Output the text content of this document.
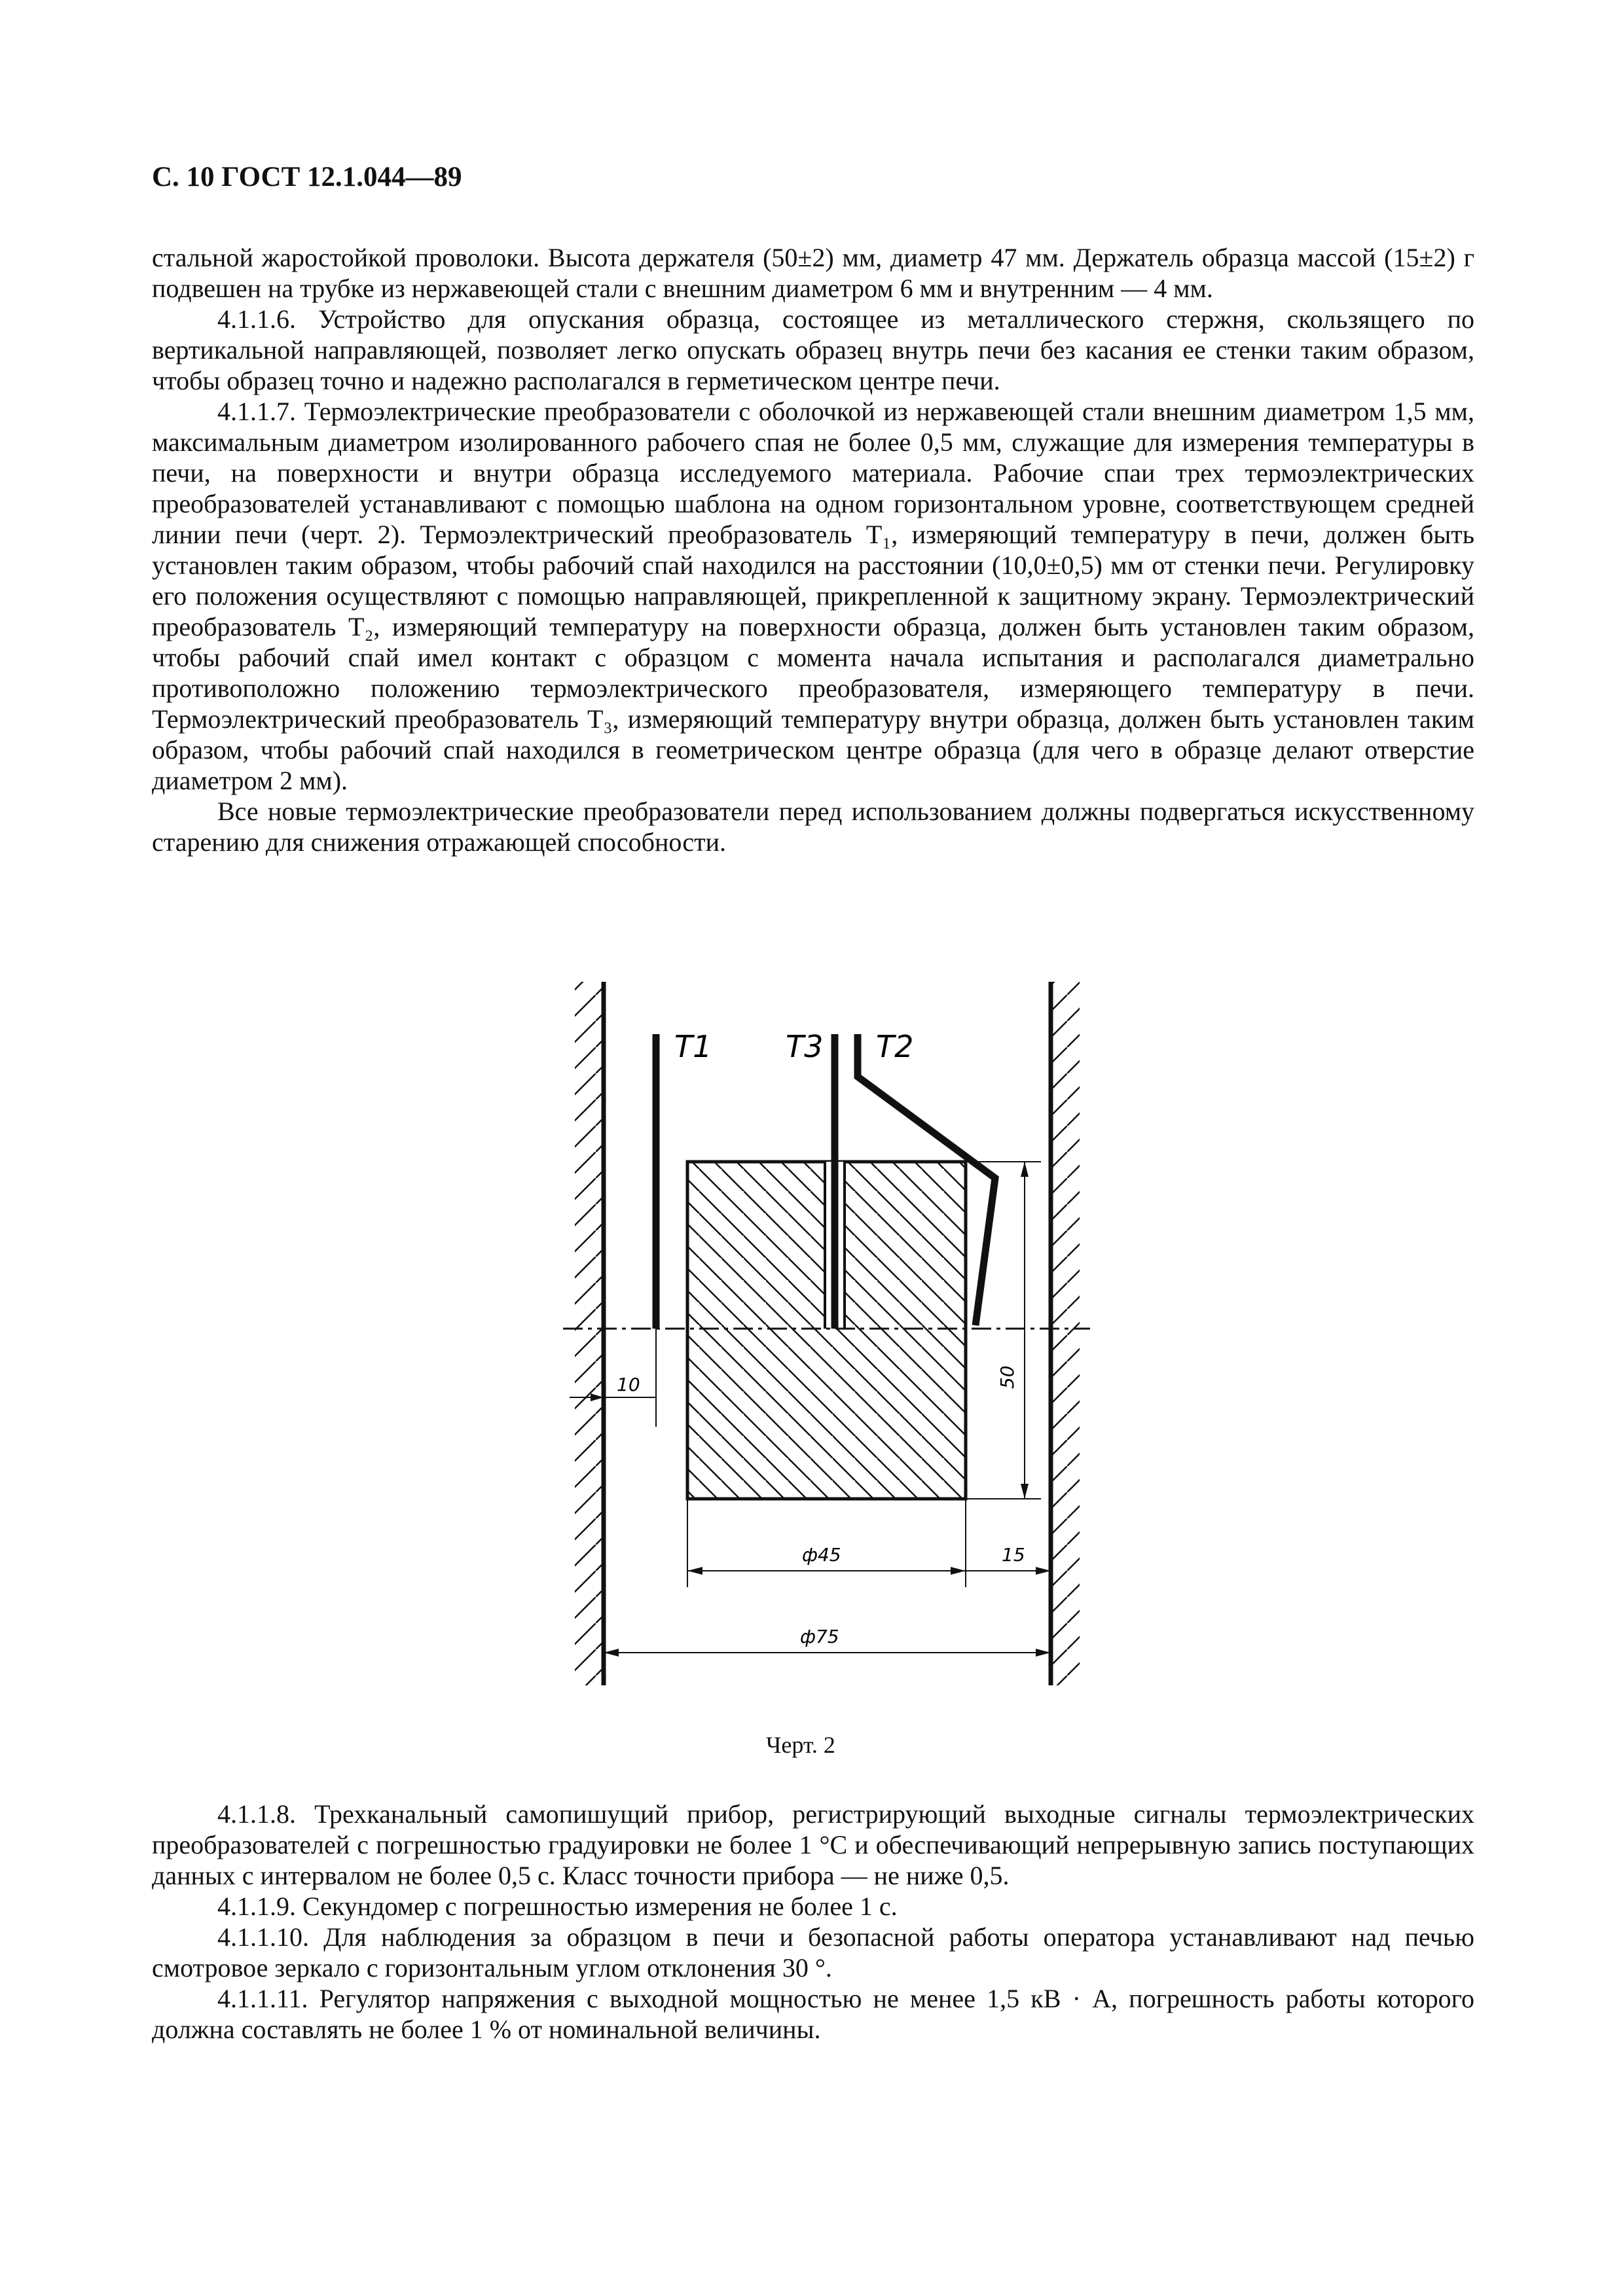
С. 10 ГОСТ 12.1.044—89

стальной жаростойкой проволоки. Высота держателя (50±2) мм, диаметр 47 мм. Держатель образца массой (15±2) г подвешен на трубке из нержавеющей стали с внешним диаметром 6 мм и внутренним — 4 мм.

4.1.1.6. Устройство для опускания образца, состоящее из металлического стержня, скользящего по вертикальной направляющей, позволяет легко опускать образец внутрь печи без касания ее стенки таким образом, чтобы образец точно и надежно располагался в герметическом центре печи.

4.1.1.7. Термоэлектрические преобразователи с оболочкой из нержавеющей стали внешним диаметром 1,5 мм, максимальным диаметром изолированного рабочего спая не более 0,5 мм, служащие для измерения температуры в печи, на поверхности и внутри образца исследуемого материала. Рабочие спаи трех термоэлектрических преобразователей устанавливают с помощью шаблона на одном горизонтальном уровне, соответствующем средней линии печи (черт. 2). Термоэлектрический преобразователь T₁, измеряющий температуру в печи, должен быть установлен таким образом, чтобы рабочий спай находился на расстоянии (10,0±0,5) мм от стенки печи. Регулировку его положения осуществляют с помощью направляющей, прикрепленной к защитному экрану. Термоэлектрический преобразователь T₂, измеряющий температуру на поверхности образца, должен быть установлен таким образом, чтобы рабочий спай имел контакт с образцом с момента начала испытания и располагался диаметрально противоположно положению термоэлектрического преобразователя, измеряющего температуру в печи. Термоэлектрический преобразователь T₃, измеряющий температуру внутри образца, должен быть установлен таким образом, чтобы рабочий спай находился в геометрическом центре образца (для чего в образце делают отверстие диаметром 2 мм).

Все новые термоэлектрические преобразователи перед использованием должны подвергаться искусственному старению для снижения отражающей способности.

T1 T3 T2
10	50
ф45	15
ф75
Черт. 2

4.1.1.8. Трехканальный самопишущий прибор, регистрирующий выходные сигналы термоэлектрических преобразователей с погрешностью градуировки не более 1 °С и обеспечивающий непрерывную запись поступающих данных с интервалом не более 0,5 с. Класс точности прибора — не ниже 0,5.

4.1.1.9. Секундомер с погрешностью измерения не более 1 с.

4.1.1.10. Для наблюдения за образцом в печи и безопасной работы оператора устанавливают над печью смотровое зеркало с горизонтальным углом отклонения 30 °.

4.1.1.11. Регулятор напряжения с выходной мощностью не менее 1,5 кВ · А, погрешность работы которого должна составлять не более 1 % от номинальной величины.
